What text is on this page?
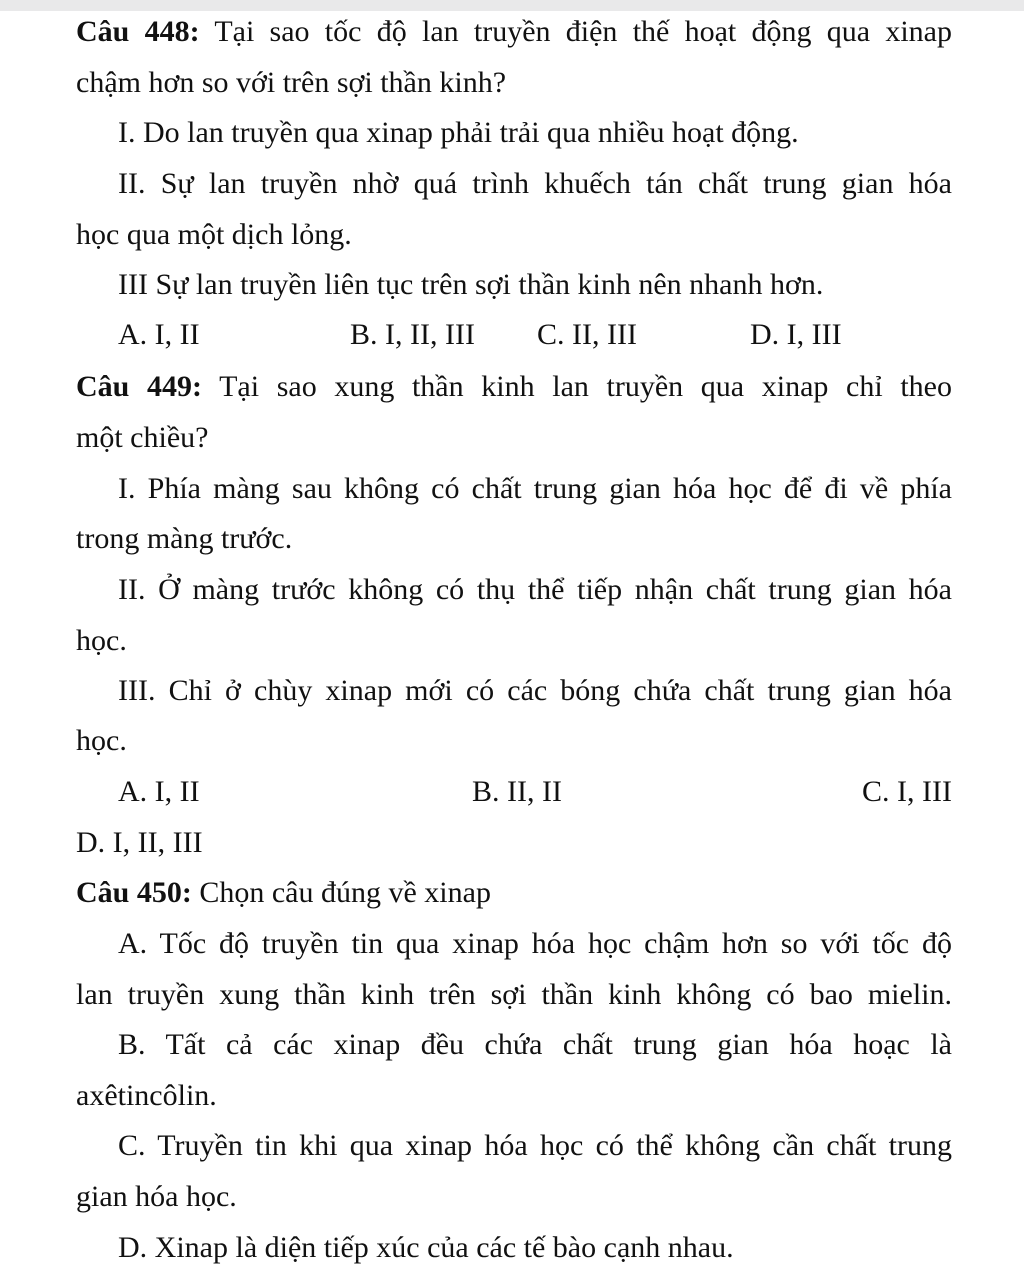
Câu 448: Tại sao tốc độ lan truyền điện thế hoạt động qua xinap
chậm hơn so với trên sợi thần kinh?
I. Do lan truyền qua xinap phải trải qua nhiều hoạt động.
II. Sự lan truyền nhờ quá trình khuếch tán chất trung gian hóa
học qua một dịch lỏng.
III Sự lan truyền liên tục trên sợi thần kinh nên nhanh hơn.
A. I, II	B. I, II, III C. II, III	D. I, III
Câu 449: Tại sao xung thần kinh lan truyền qua xinap chỉ theo
một chiều?
I. Phía màng sau không có chất trung gian hóa học để đi về phía
trong màng trước.
II. Ở màng trước không có thụ thể tiếp nhận chất trung gian hóa
học.
III. Chỉ ở chùy xinap mới có các bóng chứa chất trung gian hóa
học.
A. I, II	B. II, II	C. I, III
D. I, II, III
Câu 450: Chọn câu đúng về xinap
A. Tốc độ truyền tin qua xinap hóa học chậm hơn so với tốc độ
lan truyền xung thần kinh trên sợi thần kinh không có bao mielin.
B. Tất cả các xinap đều chứa chất trung gian hóa hoạc là
axêtincôlin.
C. Truyền tin khi qua xinap hóa học có thể không cần chất trung
gian hóa học.
D. Xinap là diện tiếp xúc của các tế bào cạnh nhau.
